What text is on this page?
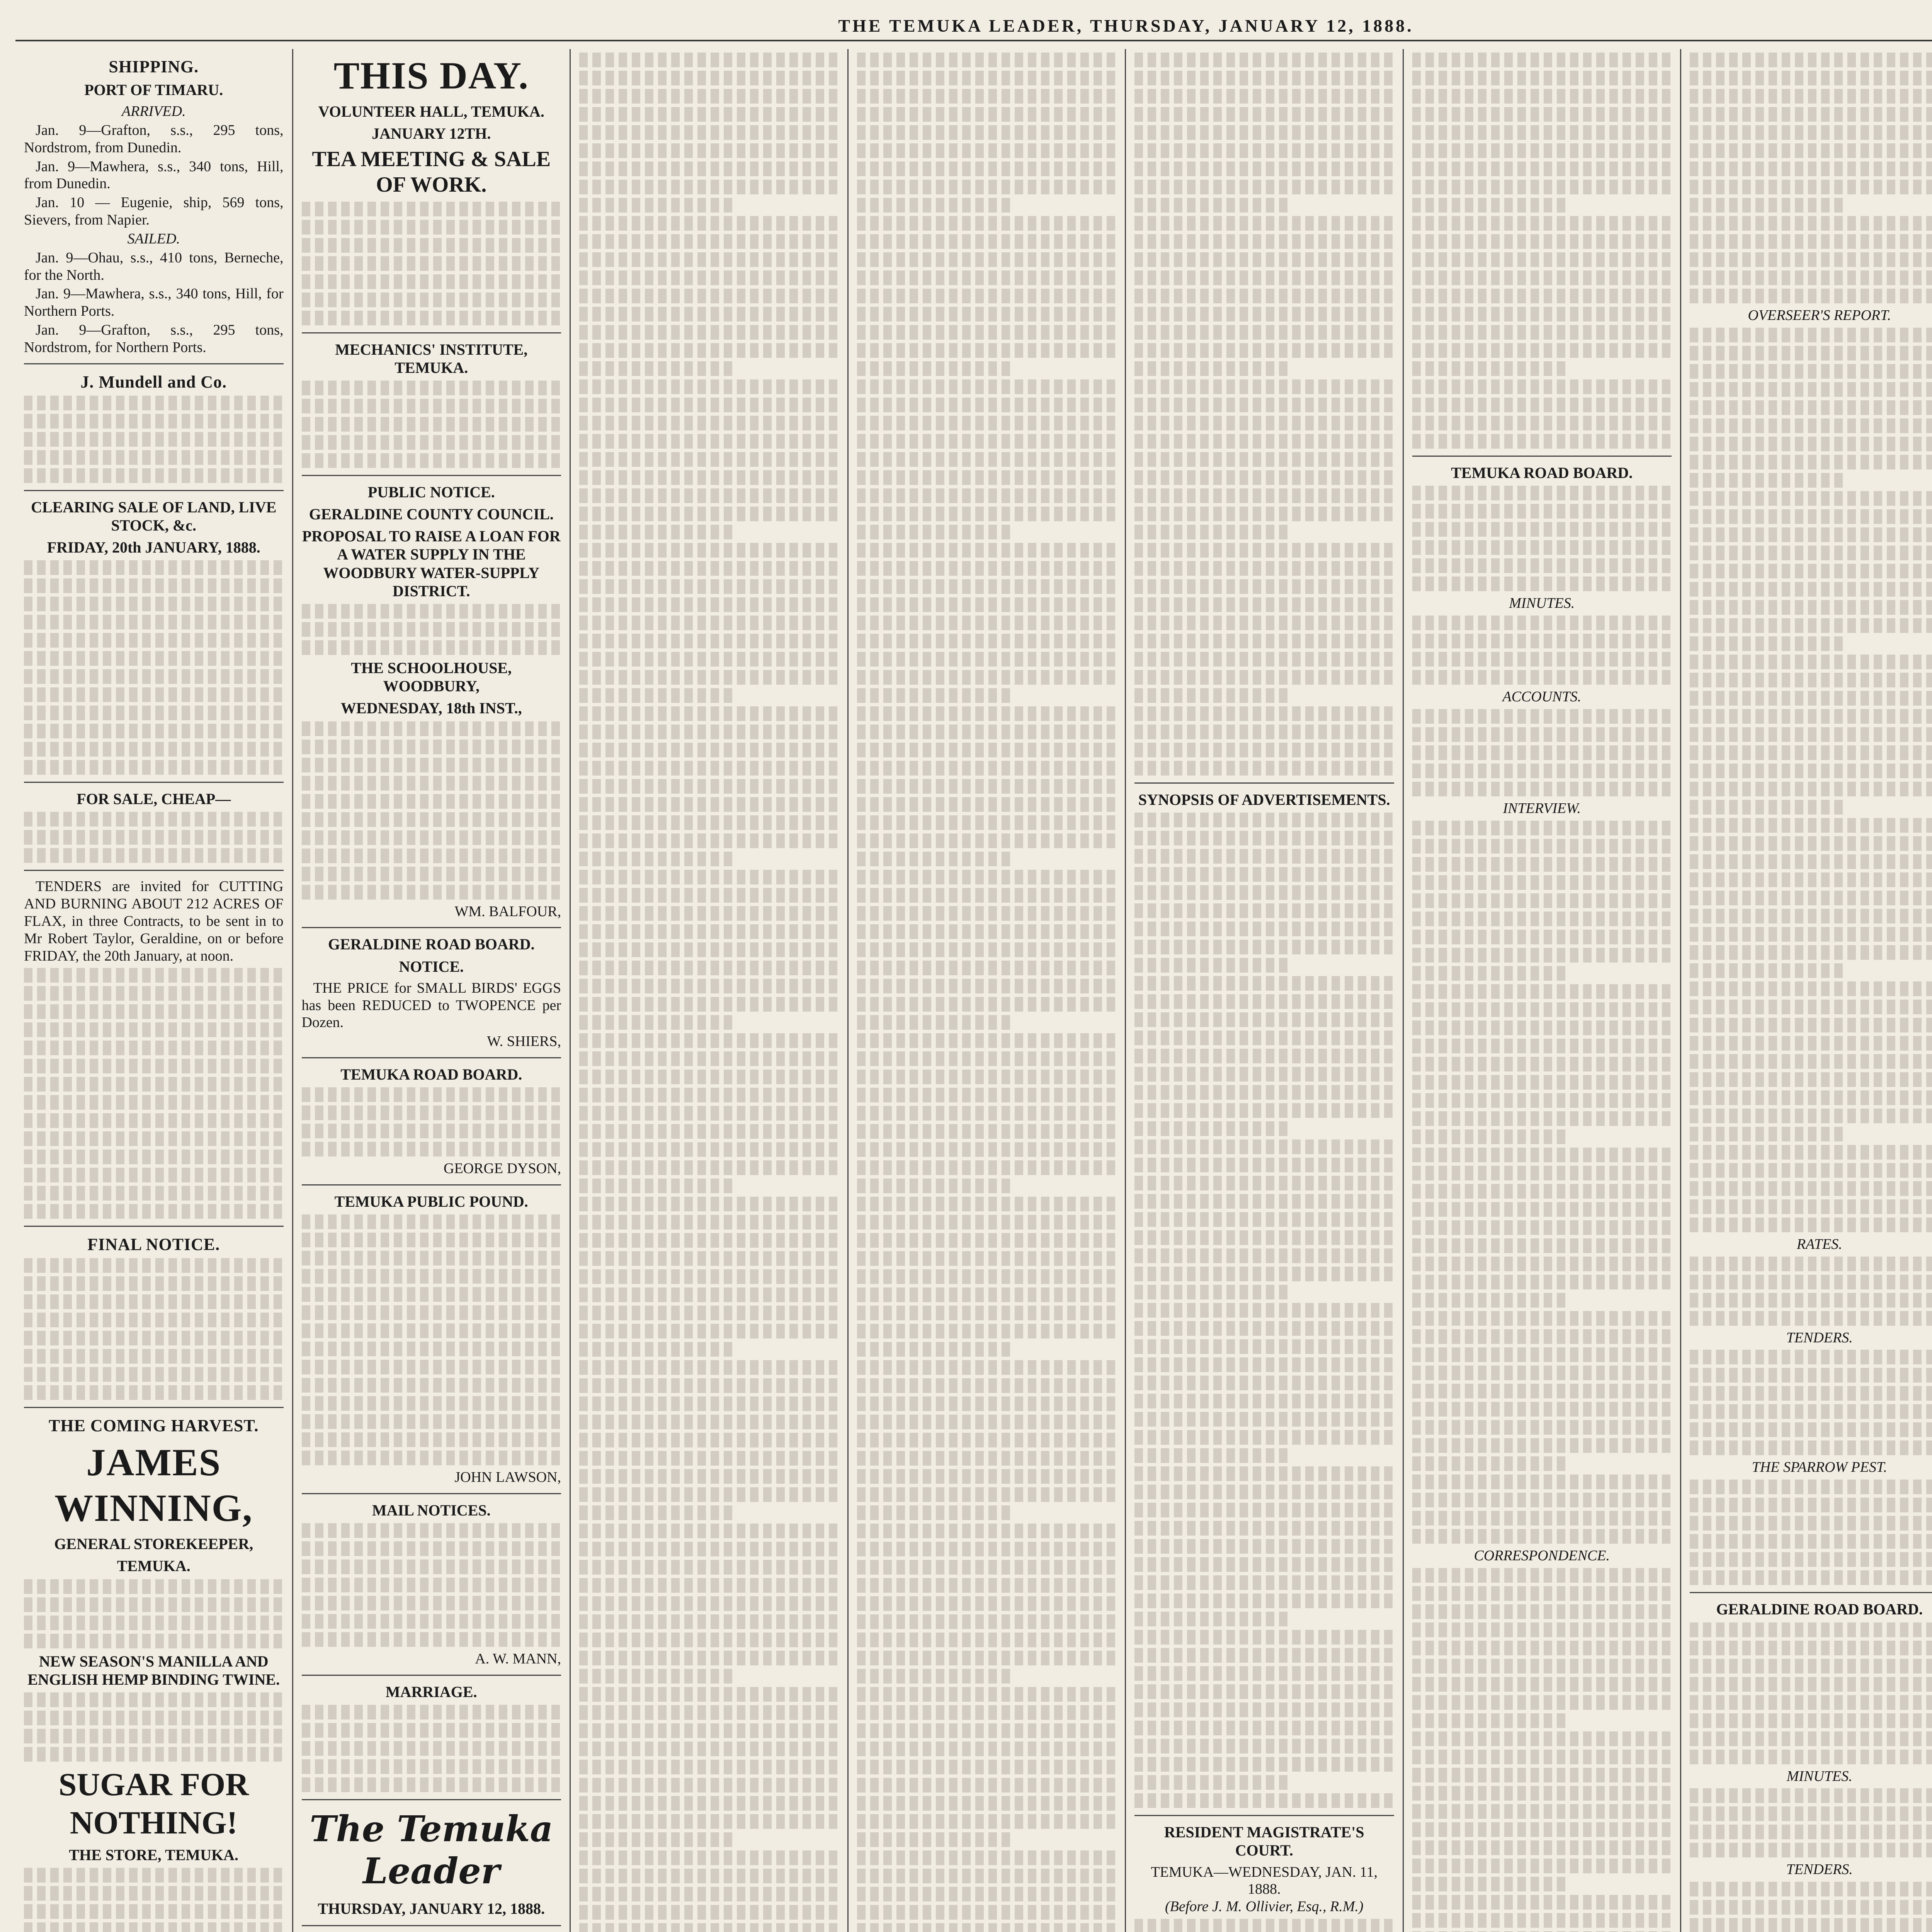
THE TEMUKA LEADER, THURSDAY, JANUARY 12, 1888.
SHIPPING.
PORT OF TIMARU.
ARRIVED.

Jan. 9—Grafton, s.s., 295 tons, Nordstrom, from Dunedin.

Jan. 9—Mawhera, s.s., 340 tons, Hill, from Dunedin.

Jan. 10 — Eugenie, ship, 569 tons, Sievers, from Napier.

SAILED.

Jan. 9—Ohau, s.s., 410 tons, Berneche, for the North.

Jan. 9—Mawhera, s.s., 340 tons, Hill, for Northern Ports.

Jan. 9—Grafton, s.s., 295 tons, Nordstrom, for Northern Ports.

J. Mundell and Co.
CLEARING SALE OF LAND, LIVE STOCK, &c.
FRIDAY, 20th JANUARY, 1888.
FOR SALE, CHEAP—

TENDERS are invited for CUTTING AND BURNING ABOUT 212 ACRES OF FLAX, in three Contracts, to be sent in to Mr Robert Taylor, Geraldine, on or before FRIDAY, the 20th January, at noon.

FINAL NOTICE.
THE COMING HARVEST.
JAMES WINNING,
GENERAL STOREKEEPER,
TEMUKA.
NEW SEASON'S MANILLA AND ENGLISH HEMP BINDING TWINE.
SUGAR FOR NOTHING!
THE STORE, TEMUKA.

THIS DAY.
VOLUNTEER HALL, TEMUKA.
JANUARY 12TH.
TEA MEETING & SALE OF WORK.
MECHANICS' INSTITUTE, TEMUKA.
PUBLIC NOTICE.
GERALDINE COUNTY COUNCIL.
PROPOSAL TO RAISE A LOAN FOR A WATER SUPPLY IN THE WOODBURY WATER-SUPPLY DISTRICT.
THE SCHOOLHOUSE, WOODBURY,
WEDNESDAY, 18th INST.,
WM. BALFOUR,
GERALDINE ROAD BOARD.
NOTICE.

THE PRICE for SMALL BIRDS' EGGS has been REDUCED to TWOPENCE per Dozen.

W. SHIERS,
TEMUKA ROAD BOARD.
GEORGE DYSON,
TEMUKA PUBLIC POUND.
JOHN LAWSON,
MAIL NOTICES.
A. W. MANN,
MARRIAGE.
The Temuka Leader
THURSDAY, JANUARY 12, 1888.
SYNOPSIS OF ADVERTISEMENTS.
RESIDENT MAGISTRATE'S COURT.
TEMUKA—WEDNESDAY, JAN. 11, 1888.
(Before J. M. Ollivier, Esq., R.M.)
TEMUKA ROAD BOARD.
MINUTES.
ACCOUNTS.
INTERVIEW.
CORRESPONDENCE.
OVERSEER'S REPORT.
RATES.
TENDERS.
THE SPARROW PEST.
GERALDINE ROAD BOARD.
MINUTES.
TENDERS.
